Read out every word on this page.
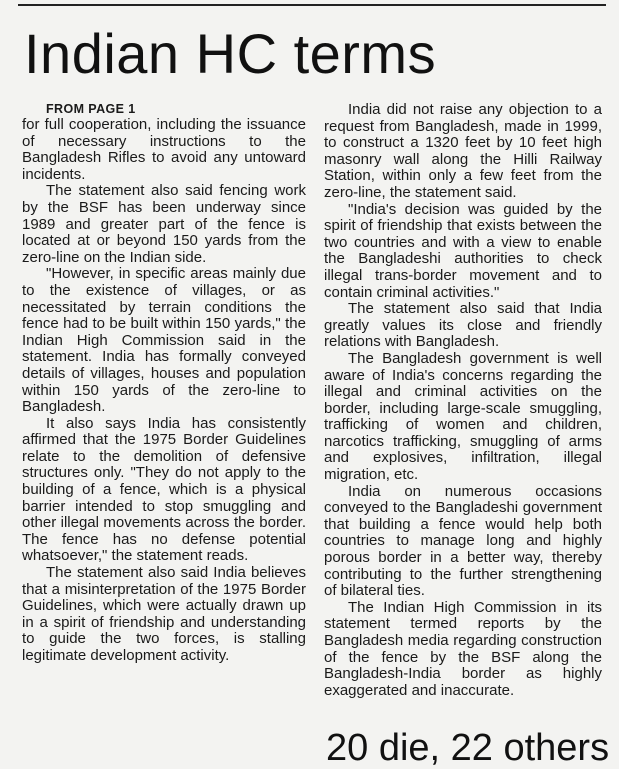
Indian HC terms

FROM PAGE 1

for full cooperation, including the issuance of necessary instructions to the Bangladesh Rifles to avoid any untoward incidents.

The statement also said fencing work by the BSF has been underway since 1989 and greater part of the fence is located at or beyond 150 yards from the zero-line on the Indian side.

"However, in specific areas mainly due to the existence of villages, or as necessitated by terrain conditions the fence had to be built within 150 yards," the Indian High Commission said in the statement. India has formally conveyed details of villages, houses and population within 150 yards of the zero-line to Bangladesh.

It also says India has consistently affirmed that the 1975 Border Guidelines relate to the demolition of defensive structures only. "They do not apply to the building of a fence, which is a physical barrier intended to stop smuggling and other illegal movements across the border. The fence has no defense potential whatsoever," the statement reads.

The statement also said India believes that a misinterpretation of the 1975 Border Guidelines, which were actually drawn up in a spirit of friendship and understanding to guide the two forces, is stalling legitimate development activity.

India did not raise any objection to a request from Bangladesh, made in 1999, to construct a 1320 feet by 10 feet high masonry wall along the Hilli Railway Station, within only a few feet from the zero-line, the statement said.

"India's decision was guided by the spirit of friendship that exists between the two countries and with a view to enable the Bangladeshi authorities to check illegal trans-border movement and to contain criminal activities."

The statement also said that India greatly values its close and friendly relations with Bangladesh.

The Bangladesh government is well aware of India's concerns regarding the illegal and criminal activities on the border, including large-scale smuggling, trafficking of women and children, narcotics trafficking, smuggling of arms and explosives, infiltration, illegal migration, etc.

India on numerous occasions conveyed to the Bangladeshi government that building a fence would help both countries to manage long and highly porous border in a better way, thereby contributing to the further strengthening of bilateral ties.

The Indian High Commission in its statement termed reports by the Bangladesh media regarding construction of the fence by the BSF along the Bangladesh-India border as highly exaggerated and inaccurate.

20 die, 22 others
